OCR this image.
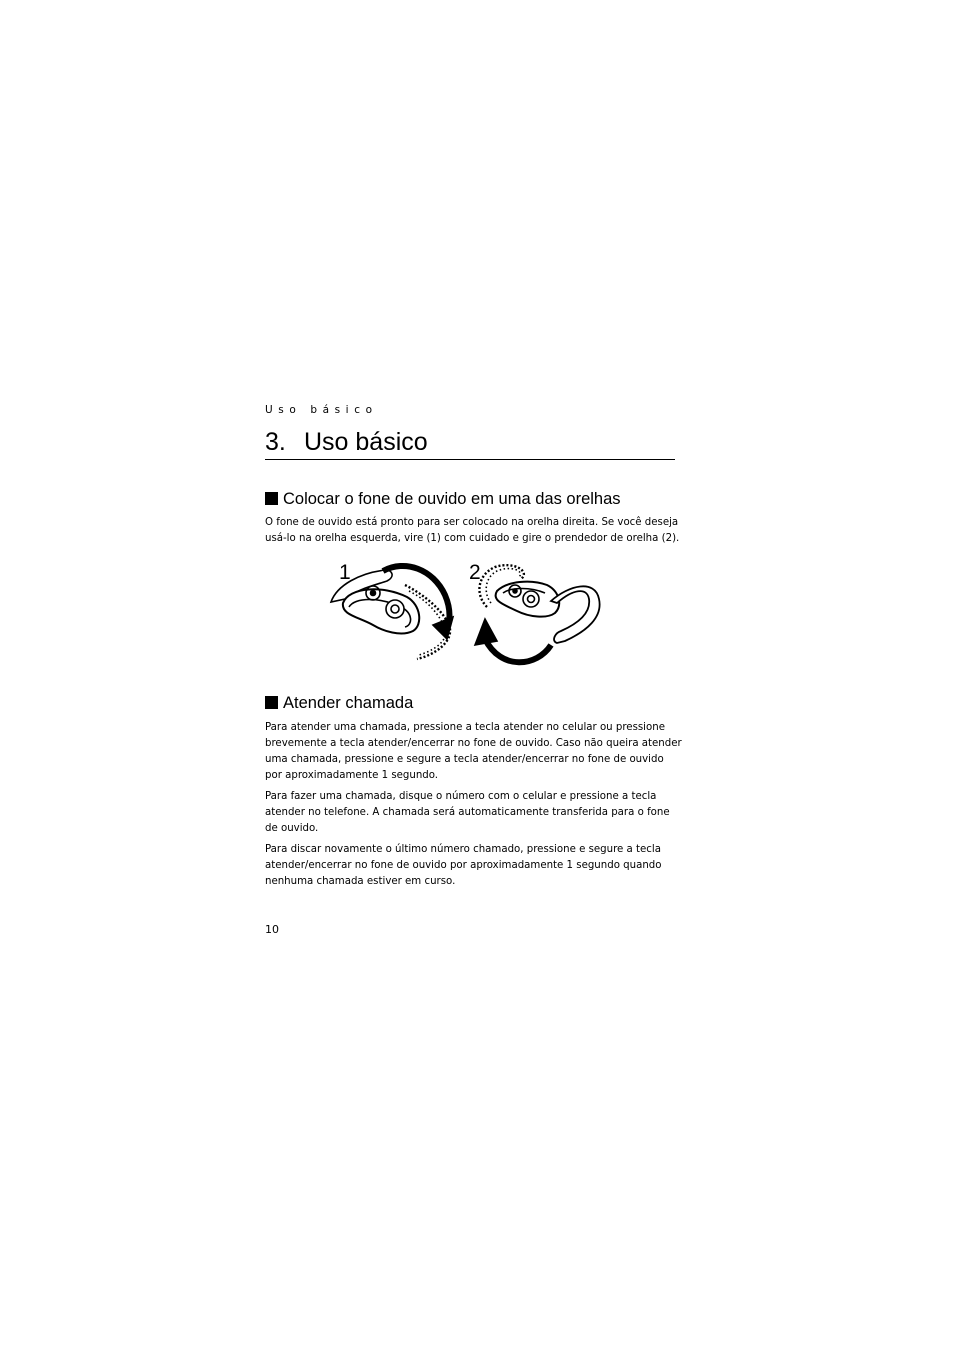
Uso básico
3. Uso básico
Colocar o fone de ouvido em uma das orelhas

O fone de ouvido está pronto para ser colocado na orelha direita. Se você deseja
usá-lo na orelha esquerda, vire (1) com cuidado e gire o prendedor de orelha (2).

1	2
Atender chamada

Para atender uma chamada, pressione a tecla atender no celular ou pressione
brevemente a tecla atender/encerrar no fone de ouvido. Caso não queira atender
uma chamada, pressione e segure a tecla atender/encerrar no fone de ouvido
por aproximadamente 1 segundo.

Para fazer uma chamada, disque o número com o celular e pressione a tecla
atender no telefone. A chamada será automaticamente transferida para o fone
de ouvido.

Para discar novamente o último número chamado, pressione e segure a tecla
atender/encerrar no fone de ouvido por aproximadamente 1 segundo quando
nenhuma chamada estiver em curso.

10
